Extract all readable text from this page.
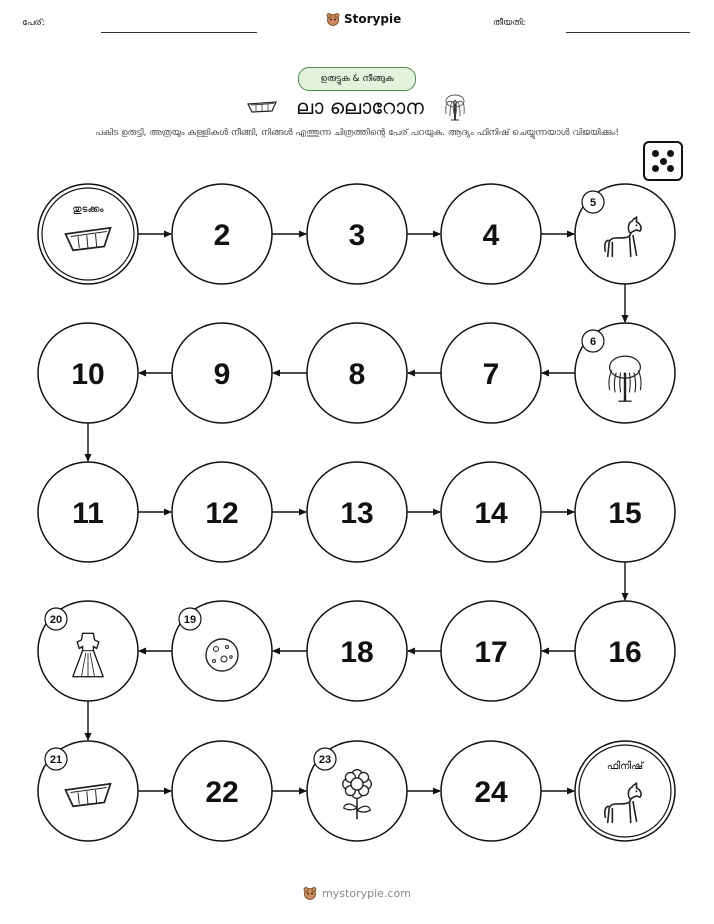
പേര്:	Storypie	തീയതി:
ഉരുട്ടുക & നീങ്ങുക
ലാ ലൊറോന
പകിട ഉരുട്ടി, അത്രയും കള്ളികൾ നീങ്ങി, നിങ്ങൾ എത്തുന്ന ചിത്രത്തിന്റെ പേര് പറയുക. ആദ്യം ഫിനിഷ് ചെയ്യുന്നയാൾ വിജയിക്കും!
തുടക്കം
2	3	4
5
6
7
8
9
10
11	12	13	14	15
16
17
18
19
20
21
22
23
24
ഫിനിഷ്
mystorypie.com
